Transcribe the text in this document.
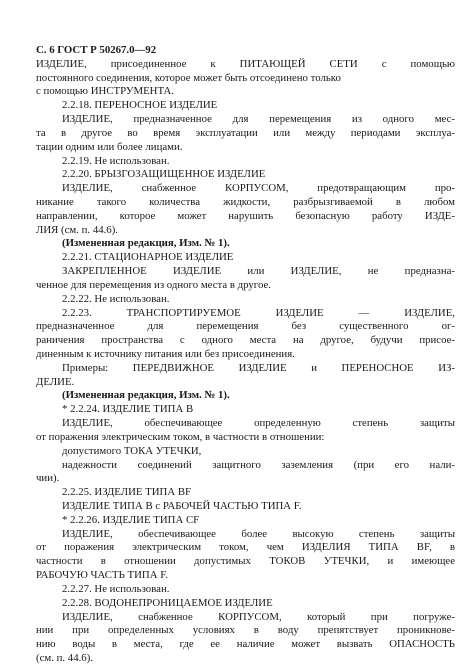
С. 6 ГОСТ Р 50267.0—92
ИЗДЕЛИЕ, присоединенное к ПИТАЮЩЕЙ СЕТИ с помощью
постоянного соединения, которое может быть отсоединено только
с помощью ИНСТРУМЕНТА.
2.2.18. ПЕРЕНОСНОЕ ИЗДЕЛИЕ
ИЗДЕЛИЕ, предназначенное для перемещения из одного мес-
та в другое во время эксплуатации или между периодами эксплуа-
тации одним или более лицами.
2.2.19. Не использован.
2.2.20. БРЫЗГОЗАЩИЩЕННОЕ ИЗДЕЛИЕ
ИЗДЕЛИЕ, снабженное КОРПУСОМ, предотвращающим про-
никание такого количества жидкости, разбрызгиваемой в любом
направлении, которое может нарушить безопасную работу ИЗДЕ-
ЛИЯ (см. п. 44.6).
(Измененная редакция, Изм. № 1).
2.2.21. СТАЦИОНАРНОЕ ИЗДЕЛИЕ
ЗАКРЕПЛЕННОЕ ИЗДЕЛИЕ или ИЗДЕЛИЕ, не предназна-
ченное для перемещения из одного места в другое.
2.2.22. Не использован.
2.2.23. ТРАНСПОРТИРУЕМОЕ ИЗДЕЛИЕ — ИЗДЕЛИЕ,
предназначенное для перемещения без существенного ог-
раничения пространства с одного места на другое, будучи присое-
диненным к источнику питания или без присоединения.
Примеры: ПЕРЕДВИЖНОЕ ИЗДЕЛИЕ и ПЕРЕНОСНОЕ ИЗ-
ДЕЛИЕ.
(Измененная редакция, Изм. № 1).
* 2.2.24. ИЗДЕЛИЕ ТИПА В
ИЗДЕЛИЕ, обеспечивающее определенную степень защиты
от поражения электрическим током, в частности в отношении:
допустимого ТОКА УТЕЧКИ,
надежности соединений защитного заземления (при его нали-
чии).
2.2.25. ИЗДЕЛИЕ ТИПА BF
ИЗДЕЛИЕ ТИПА В с РАБОЧЕЙ ЧАСТЬЮ ТИПА F.
* 2.2.26. ИЗДЕЛИЕ ТИПА CF
ИЗДЕЛИЕ, обеспечивающее более высокую степень защиты
от поражения электрическим током, чем ИЗДЕЛИЯ ТИПА BF, в
частности в отношении допустимых ТОКОВ УТЕЧКИ, и имеющее
РАБОЧУЮ ЧАСТЬ ТИПА F.
2.2.27. Не использован.
2.2.28. ВОДОНЕПРОНИЦАЕМОЕ ИЗДЕЛИЕ
ИЗДЕЛИЕ, снабженное КОРПУСОМ, который при погруже-
нии при определенных условиях в воду препятствует проникнове-
нию воды в места, где ее наличие может вызвать ОПАСНОСТЬ
(см. п. 44.6).
